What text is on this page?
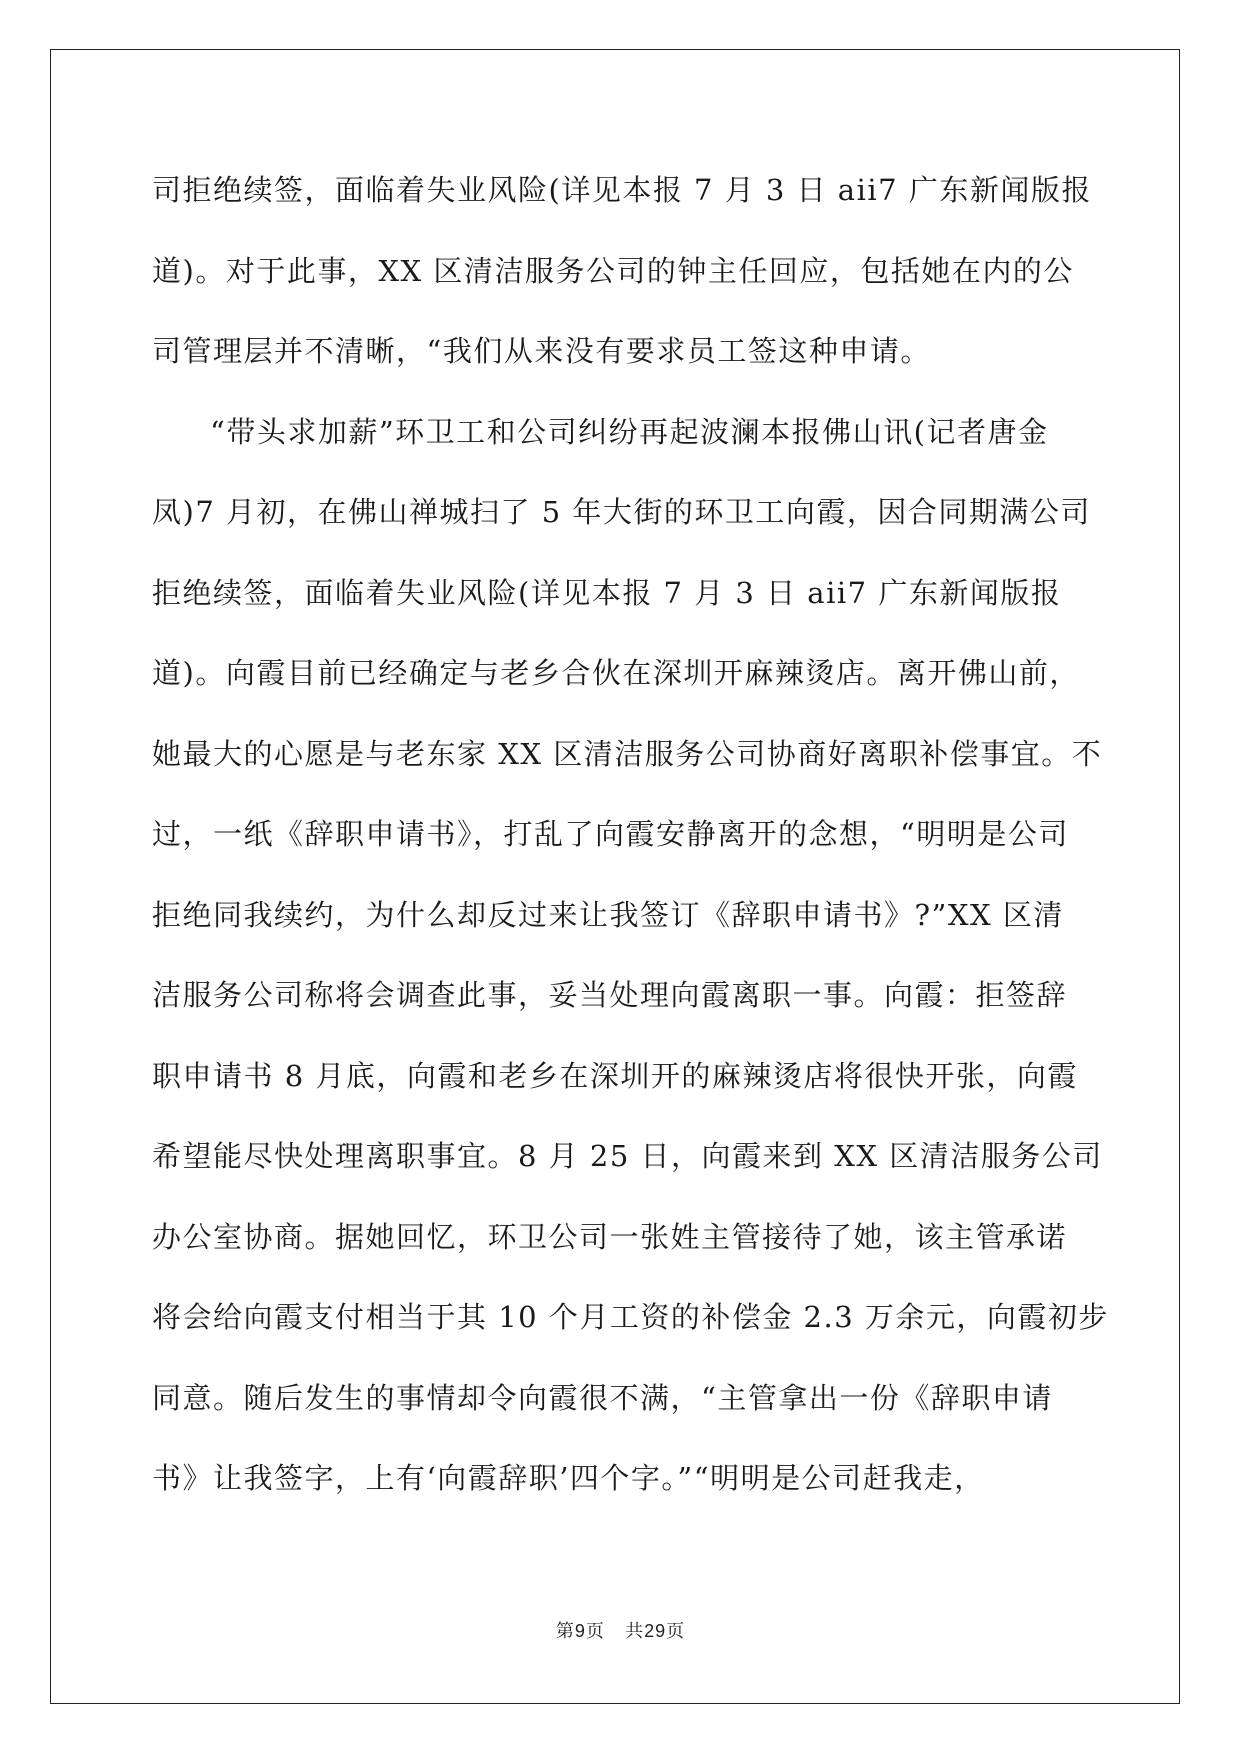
司拒绝续签，面临着失业风险(详见本报 7 月 3 日 aii7 广东新闻版报
道)。对于此事，XX 区清洁服务公司的钟主任回应，包括她在内的公
司管理层并不清晰，“我们从来没有要求员工签这种申请。
“带头求加薪”环卫工和公司纠纷再起波澜本报佛山讯(记者唐金
凤)7 月初，在佛山禅城扫了 5 年大街的环卫工向霞，因合同期满公司
拒绝续签，面临着失业风险(详见本报 7 月 3 日 aii7 广东新闻版报
道)。向霞目前已经确定与老乡合伙在深圳开麻辣烫店。离开佛山前，
她最大的心愿是与老东家 XX 区清洁服务公司协商好离职补偿事宜。不
过，一纸《辞职申请书》，打乱了向霞安静离开的念想，“明明是公司
拒绝同我续约，为什么却反过来让我签订《辞职申请书》?”XX 区清
洁服务公司称将会调查此事，妥当处理向霞离职一事。向霞：拒签辞
职申请书 8 月底，向霞和老乡在深圳开的麻辣烫店将很快开张，向霞
希望能尽快处理离职事宜。8 月 25 日，向霞来到 XX 区清洁服务公司
办公室协商。据她回忆，环卫公司一张姓主管接待了她，该主管承诺
将会给向霞支付相当于其 10 个月工资的补偿金 2.3 万余元，向霞初步
同意。随后发生的事情却令向霞很不满，“主管拿出一份《辞职申请
书》让我签字，上有‘向霞辞职’四个字。”“明明是公司赶我走，
第9页 共29页
